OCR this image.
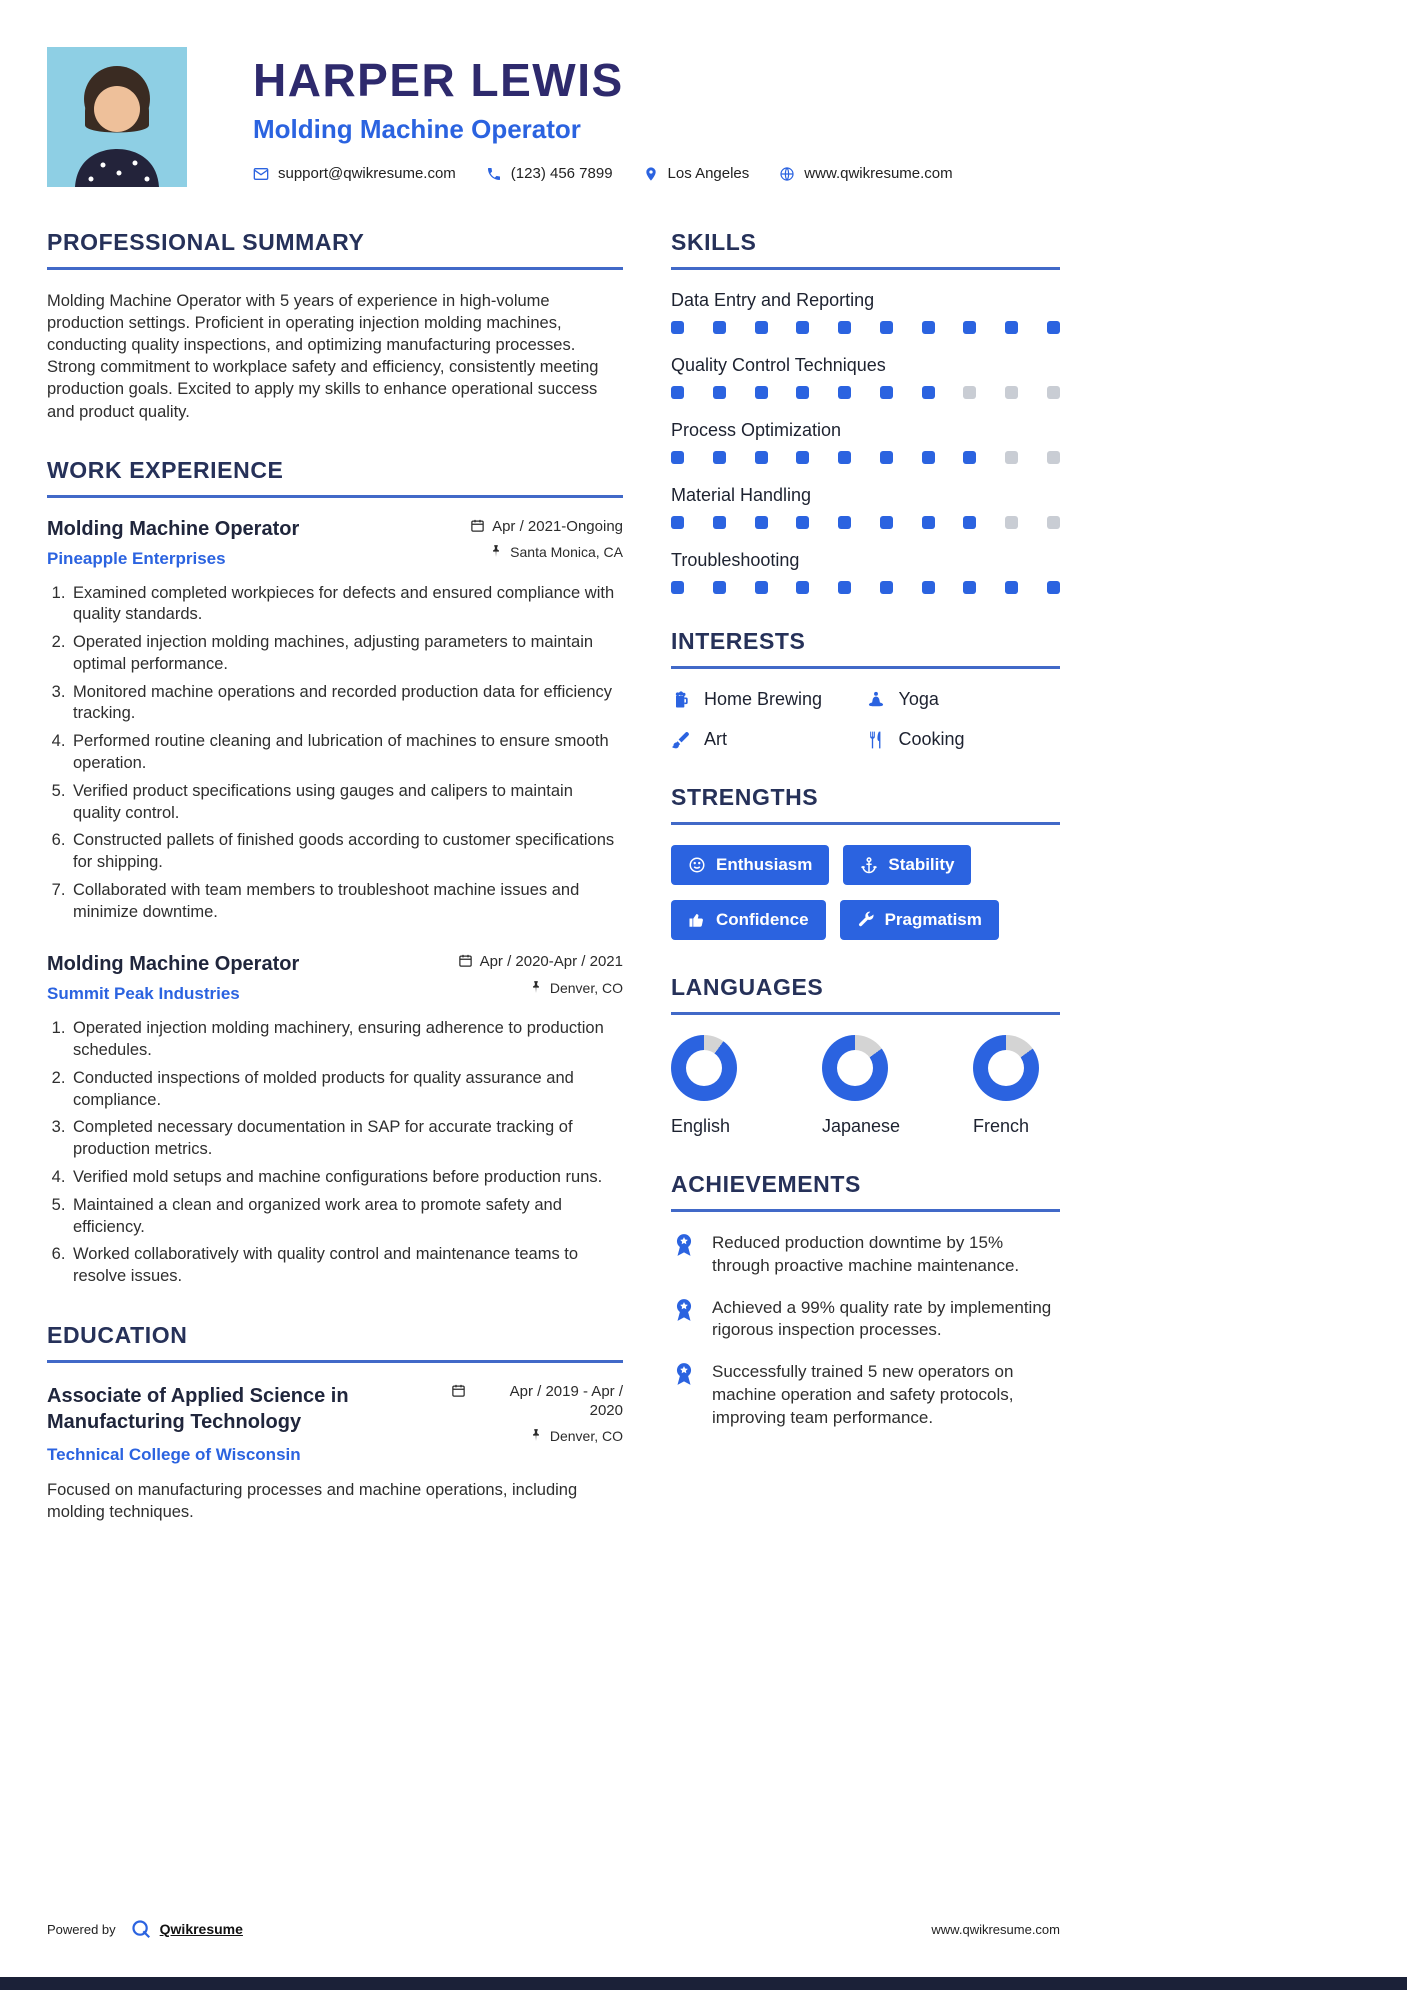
HARPER LEWIS
Molding Machine Operator
support@qwikresume.com	(123) 456 7899	Los Angeles	www.qwikresume.com
PROFESSIONAL SUMMARY

Molding Machine Operator with 5 years of experience in high-volume production settings. Proficient in operating injection molding machines, conducting quality inspections, and optimizing manufacturing processes. Strong commitment to workplace safety and efficiency, consistently meeting production goals. Excited to apply my skills to enhance operational success and product quality.

WORK EXPERIENCE
Molding Machine Operator
Pineapple Enterprises
Apr / 2021-Ongoing
Santa Monica, CA
1. Examined completed workpieces for defects and ensured compliance with quality standards.
2. Operated injection molding machines, adjusting parameters to maintain optimal performance.
3. Monitored machine operations and recorded production data for efficiency tracking.
4. Performed routine cleaning and lubrication of machines to ensure smooth operation.
5. Verified product specifications using gauges and calipers to maintain quality control.
6. Constructed pallets of finished goods according to customer specifications for shipping.
7. Collaborated with team members to troubleshoot machine issues and minimize downtime.
Molding Machine Operator
Summit Peak Industries
Apr / 2020-Apr / 2021
Denver, CO
1. Operated injection molding machinery, ensuring adherence to production schedules.
2. Conducted inspections of molded products for quality assurance and compliance.
3. Completed necessary documentation in SAP for accurate tracking of production metrics.
4. Verified mold setups and machine configurations before production runs.
5. Maintained a clean and organized work area to promote safety and efficiency.
6. Worked collaboratively with quality control and maintenance teams to resolve issues.
EDUCATION
Associate of Applied Science in Manufacturing Technology
Technical College of Wisconsin
Apr / 2019 - Apr / 2020
Denver, CO

Focused on manufacturing processes and machine operations, including molding techniques.

SKILLS
Data Entry and Reporting
Quality Control Techniques
Process Optimization
Material Handling
Troubleshooting
INTERESTS
Home Brewing	Yoga
Art	Cooking
STRENGTHS
Enthusiasm	Stability
Confidence	Pragmatism
LANGUAGES
English	Japanese	French
ACHIEVEMENTS
Reduced production downtime by 15% through proactive machine maintenance.
Achieved a 99% quality rate by implementing rigorous inspection processes.
Successfully trained 5 new operators on machine operation and safety protocols, improving team performance.
Powered by	Qwikresume	www.qwikresume.com
